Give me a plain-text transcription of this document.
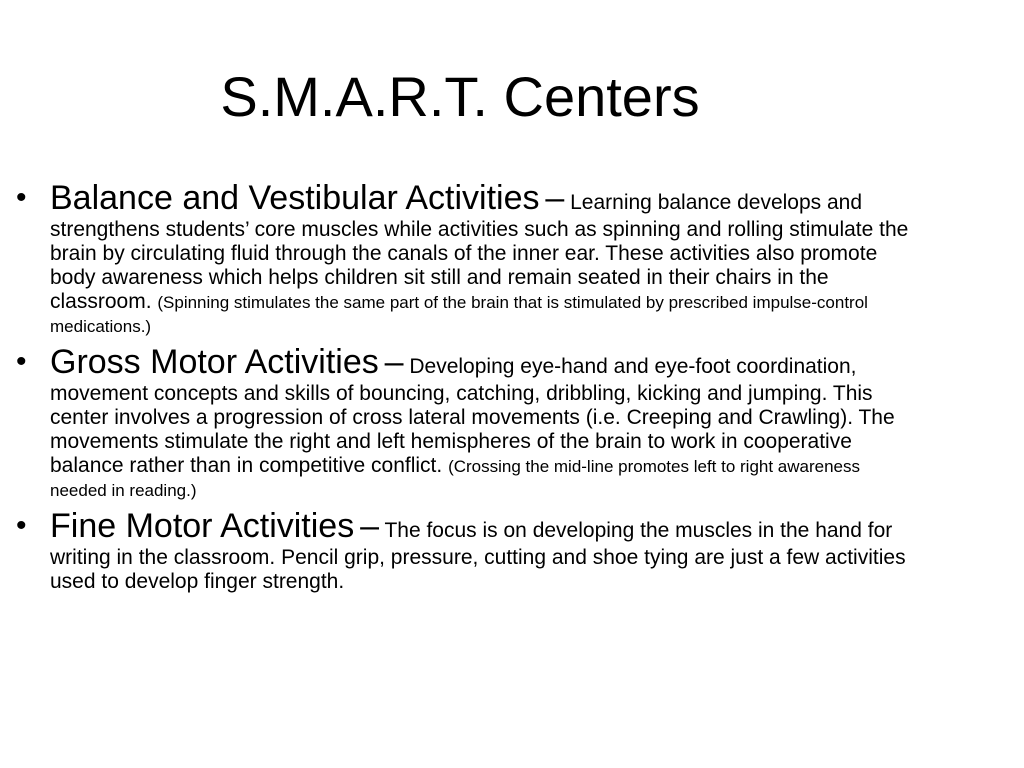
S.M.A.R.T. Centers
• Balance and Vestibular Activities – Learning balance develops and strengthens students’ core muscles while activities such as spinning and rolling stimulate the brain by circulating fluid through the canals of the inner ear. These activities also promote body awareness which helps children sit still and remain seated in their chairs in the classroom. (Spinning stimulates the same part of the brain that is stimulated by prescribed impulse-control medications.)
• Gross Motor Activities – Developing eye-hand and eye-foot coordination, movement concepts and skills of bouncing, catching, dribbling, kicking and jumping. This center involves a progression of cross lateral movements (i.e. Creeping and Crawling). The movements stimulate the right and left hemispheres of the brain to work in cooperative balance rather than in competitive conflict. (Crossing the mid-line promotes left to right awareness needed in reading.)
• Fine Motor Activities – The focus is on developing the muscles in the hand for writing in the classroom. Pencil grip, pressure, cutting and shoe tying are just a few activities used to develop finger strength.
